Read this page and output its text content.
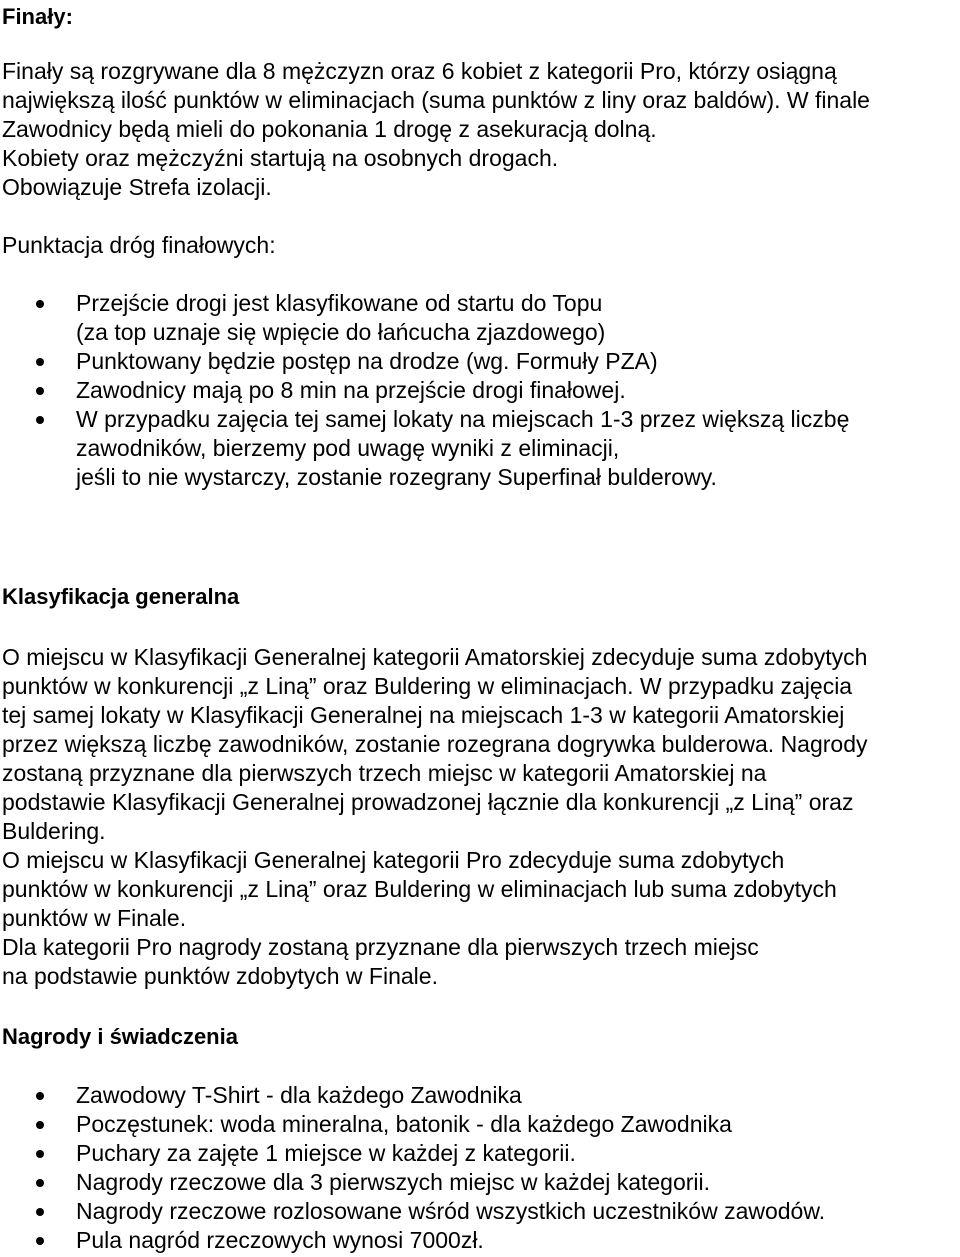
Finały:

Finały są rozgrywane dla 8 mężczyzn oraz 6 kobiet z kategorii Pro, którzy osiągną
największą ilość punktów w eliminacjach (suma punktów z liny oraz baldów). W finale
Zawodnicy będą mieli do pokonania 1 drogę z asekuracją dolną.
Kobiety oraz mężczyźni startują na osobnych drogach.
Obowiązuje Strefa izolacji.
Punktacja dróg finałowych:
Przejście drogi jest klasyfikowane od startu do Topu
(za top uznaje się wpięcie do łańcucha zjazdowego)
Punktowany będzie postęp na drodze (wg. Formuły PZA)
Zawodnicy mają po 8 min na przejście drogi finałowej.
W przypadku zajęcia tej samej lokaty na miejscach 1-3 przez większą liczbę
zawodników, bierzemy pod uwagę wyniki z eliminacji,
jeśli to nie wystarczy, zostanie rozegrany Superfinał bulderowy.

Klasyfikacja generalna

O miejscu w Klasyfikacji Generalnej kategorii Amatorskiej zdecyduje suma zdobytych
punktów w konkurencji „z Liną” oraz Buldering w eliminacjach. W przypadku zajęcia
tej samej lokaty w Klasyfikacji Generalnej na miejscach 1-3 w kategorii Amatorskiej
przez większą liczbę zawodników, zostanie rozegrana dogrywka bulderowa. Nagrody
zostaną przyznane dla pierwszych trzech miejsc w kategorii Amatorskiej na
podstawie Klasyfikacji Generalnej prowadzonej łącznie dla konkurencji „z Liną” oraz
Buldering.
O miejscu w Klasyfikacji Generalnej kategorii Pro zdecyduje suma zdobytych
punktów w konkurencji „z Liną” oraz Buldering w eliminacjach lub suma zdobytych
punktów w Finale.
Dla kategorii Pro nagrody zostaną przyznane dla pierwszych trzech miejsc
na podstawie punktów zdobytych w Finale.

Nagrody i świadczenia

Zawodowy T-Shirt - dla każdego Zawodnika
Poczęstunek: woda mineralna, batonik - dla każdego Zawodnika
Puchary za zajęte 1 miejsce w każdej z kategorii.
Nagrody rzeczowe dla 3 pierwszych miejsc w każdej kategorii.
Nagrody rzeczowe rozlosowane wśród wszystkich uczestników zawodów.
Pula nagród rzeczowych wynosi 7000zł.
